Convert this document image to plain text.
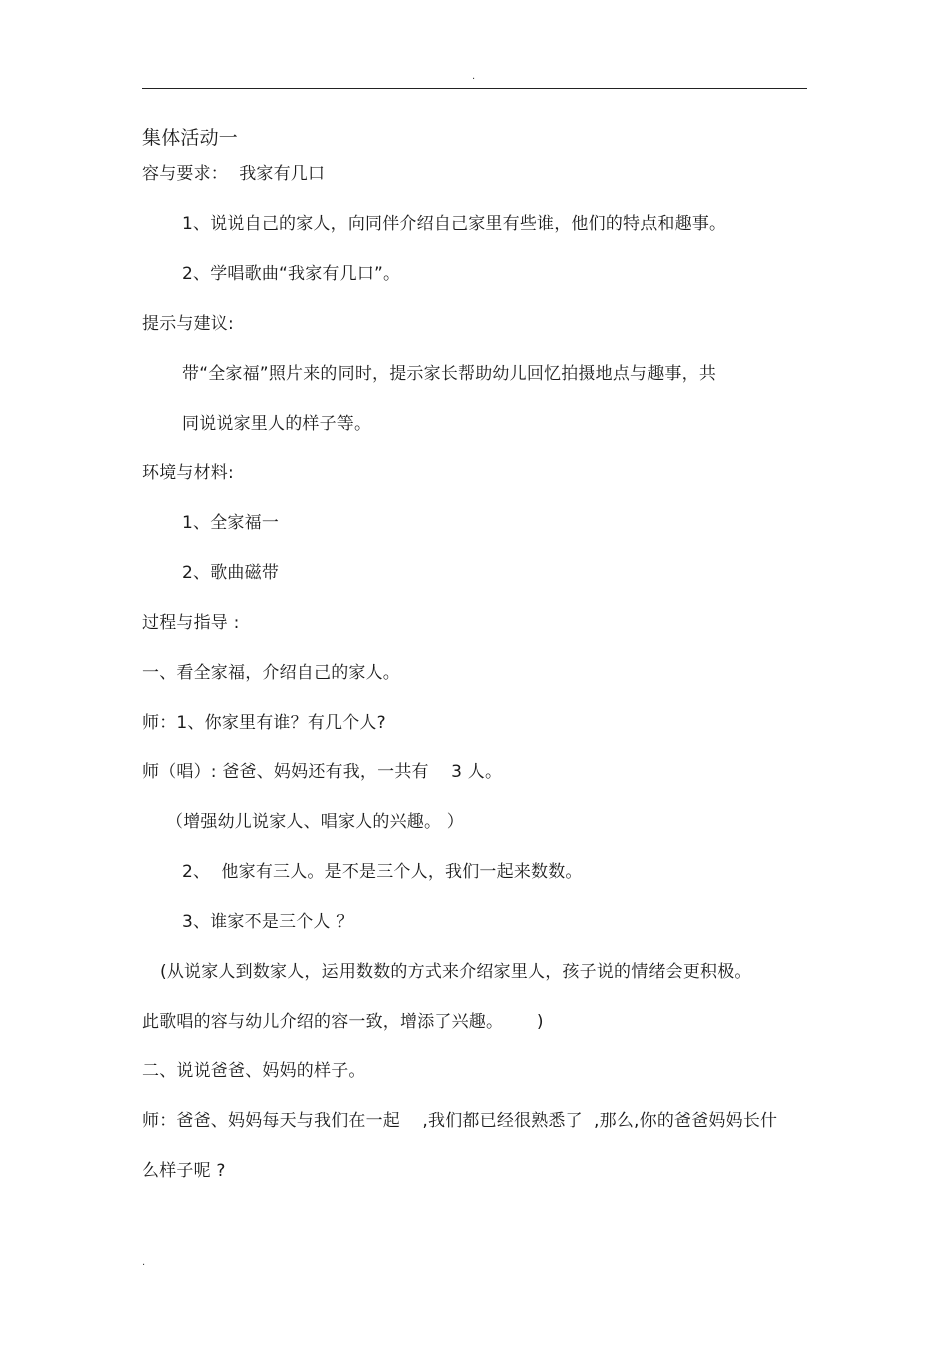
.
集体活动一
容与要求：  我家有几口
1、说说自己的家人，向同伴介绍自己家里有些谁，他们的特点和趣事。
2、学唱歌曲“我家有几口”。
提示与建议:
带“全家福”照片来的同时，提示家长帮助幼儿回忆拍摄地点与趣事，共
同说说家里人的样子等。
环境与材料:
1、全家福一
2、歌曲磁带
过程与指导 :
一、看全家福，介绍自己的家人。
师：1、你家里有谁？有几个人?
师（唱）: 爸爸、妈妈还有我，一共有    3 人。
（增强幼儿说家人、唱家人的兴趣。 ）
2、  他家有三人。是不是三个人，我们一起来数数。
3、谁家不是三个人 ？
(从说家人到数家人，运用数数的方式来介绍家里人，孩子说的情绪会更积极。
此歌唱的容与幼儿介绍的容一致，增添了兴趣。      )
二、说说爸爸、妈妈的样子。
师：爸爸、妈妈每天与我们在一起    ,我们都已经很熟悉了  ,那么,你的爸爸妈妈长什
么样子呢 ?
.
